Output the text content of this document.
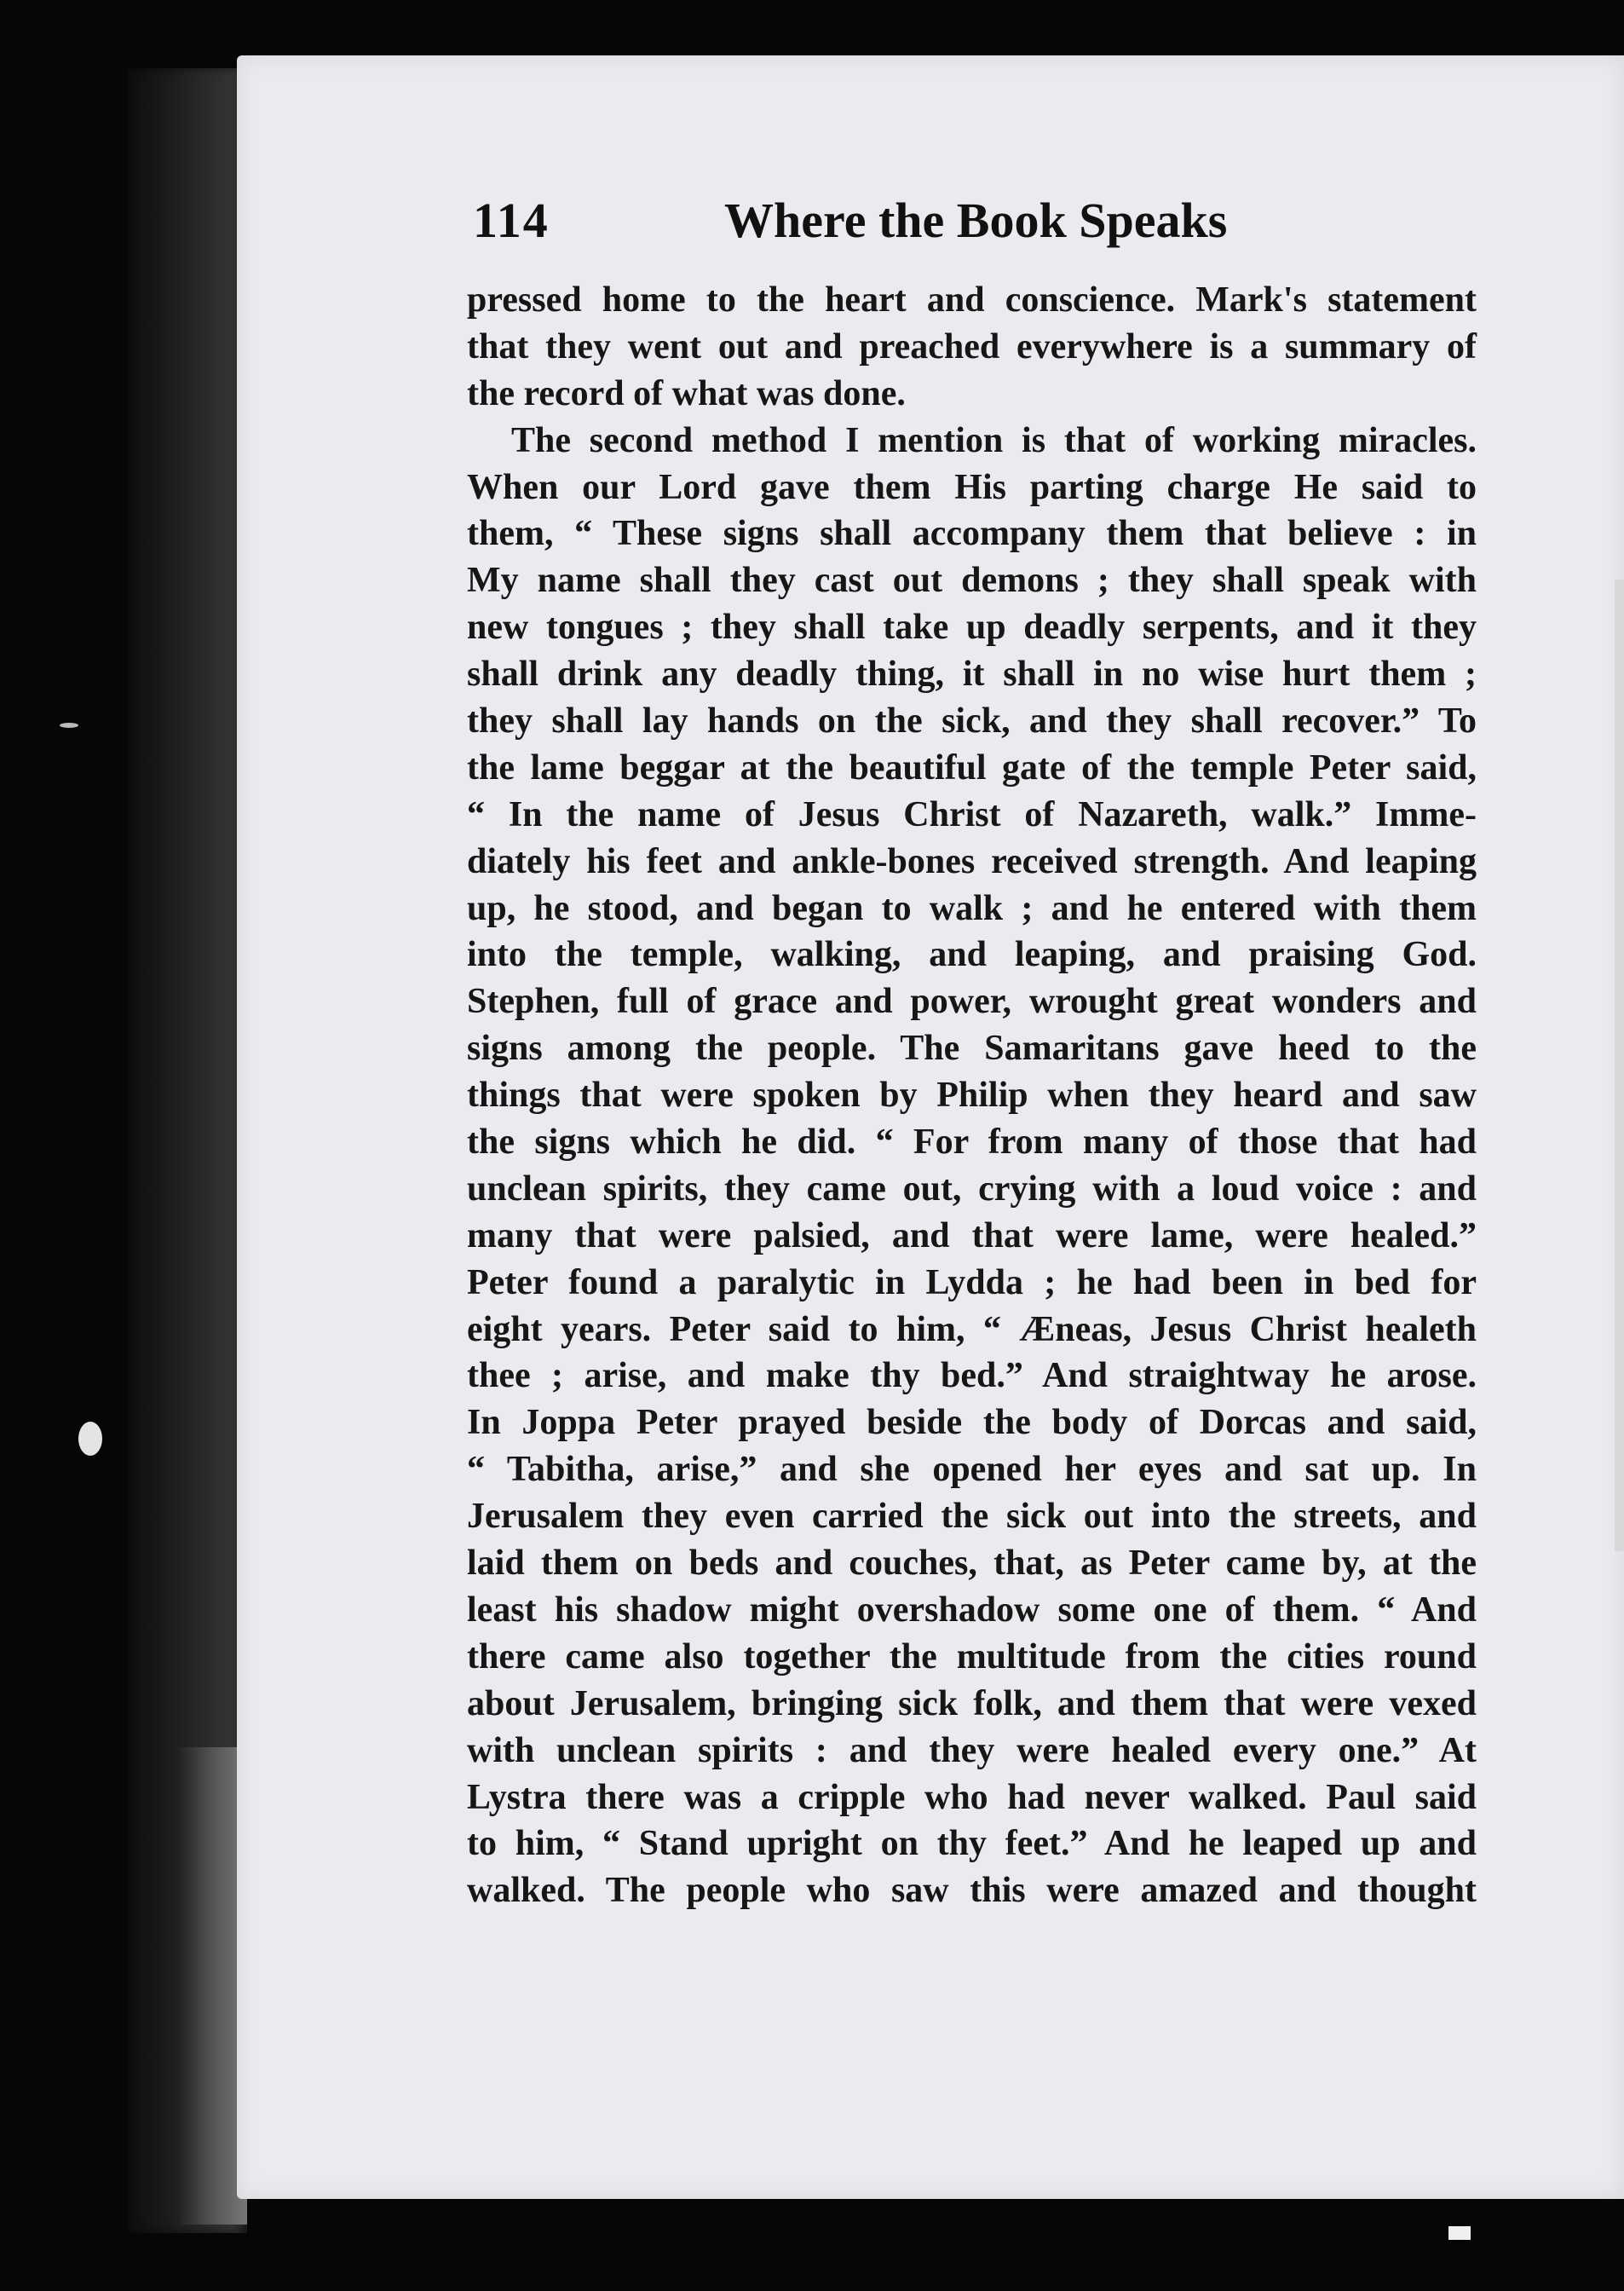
114	Where the Book Speaks
pressed home to the heart and conscience. Mark's statement
that they went out and preached everywhere is a summary of
the record of what was done.
The second method I mention is that of working miracles.
When our Lord gave them His parting charge He said to
them, “ These signs shall accompany them that believe : in
My name shall they cast out demons ; they shall speak with
new tongues ; they shall take up deadly serpents, and it they
shall drink any deadly thing, it shall in no wise hurt them ;
they shall lay hands on the sick, and they shall recover.” To
the lame beggar at the beautiful gate of the temple Peter said,
“ In the name of Jesus Christ of Nazareth, walk.” Imme-
diately his feet and ankle-bones received strength. And leaping
up, he stood, and began to walk ; and he entered with them
into the temple, walking, and leaping, and praising God.
Stephen, full of grace and power, wrought great wonders and
signs among the people. The Samaritans gave heed to the
things that were spoken by Philip when they heard and saw
the signs which he did. “ For from many of those that had
unclean spirits, they came out, crying with a loud voice : and
many that were palsied, and that were lame, were healed.”
Peter found a paralytic in Lydda ; he had been in bed for
eight years. Peter said to him, “ Æneas, Jesus Christ healeth
thee ; arise, and make thy bed.” And straightway he arose.
In Joppa Peter prayed beside the body of Dorcas and said,
“ Tabitha, arise,” and she opened her eyes and sat up. In
Jerusalem they even carried the sick out into the streets, and
laid them on beds and couches, that, as Peter came by, at the
least his shadow might overshadow some one of them. “ And
there came also together the multitude from the cities round
about Jerusalem, bringing sick folk, and them that were vexed
with unclean spirits : and they were healed every one.” At
Lystra there was a cripple who had never walked. Paul said
to him, “ Stand upright on thy feet.” And he leaped up and
walked. The people who saw this were amazed and thought
